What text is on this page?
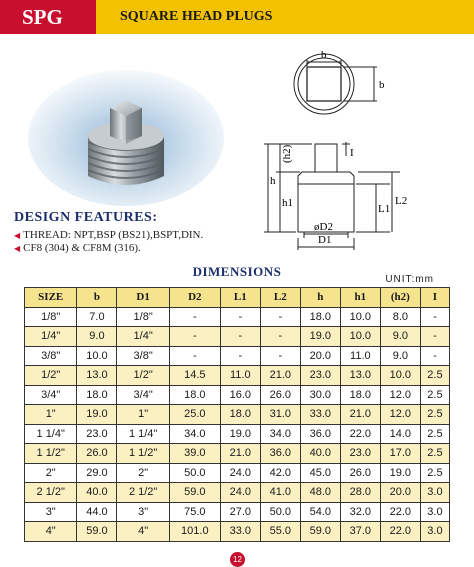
SPG	SQUARE HEAD PLUGS
b
b
h
(h2)
h1
I
L1
L2
øD2
D1
DESIGN FEATURES:
◀ THREAD: NPT,BSP (BS21),BSPT,DIN.
◀ CF8 (304) & CF8M (316).
DIMENSIONS
UNIT:mm
SIZE	b	D1	D2	L1	L2	h	h1	(h2)	I
1/8"	7.0	1/8"	-	-	-	18.0	10.0	8.0	-
1/4"	9.0	1/4"	-	-	-	19.0	10.0	9.0	-
3/8"	10.0	3/8"	-	-	-	20.0	11.0	9.0	-
1/2"	13.0	1/2"	14.5	11.0	21.0	23.0	13.0	10.0	2.5
3/4"	18.0	3/4"	18.0	16.0	26.0	30.0	18.0	12.0	2.5
1"	19.0	1"	25.0	18.0	31.0	33.0	21.0	12.0	2.5
1 1/4"	23.0	1 1/4"	34.0	19.0	34.0	36.0	22.0	14.0	2.5
1 1/2"	26.0	1 1/2"	39.0	21.0	36.0	40.0	23.0	17.0	2.5
2"	29.0	2"	50.0	24.0	42.0	45.0	26.0	19.0	2.5
2 1/2"	40.0	2 1/2"	59.0	24.0	41.0	48.0	28.0	20.0	3.0
3"	44.0	3"	75.0	27.0	50.0	54.0	32.0	22.0	3.0
4"	59.0	4"	101.0	33.0	55.0	59.0	37.0	22.0	3.0
12
